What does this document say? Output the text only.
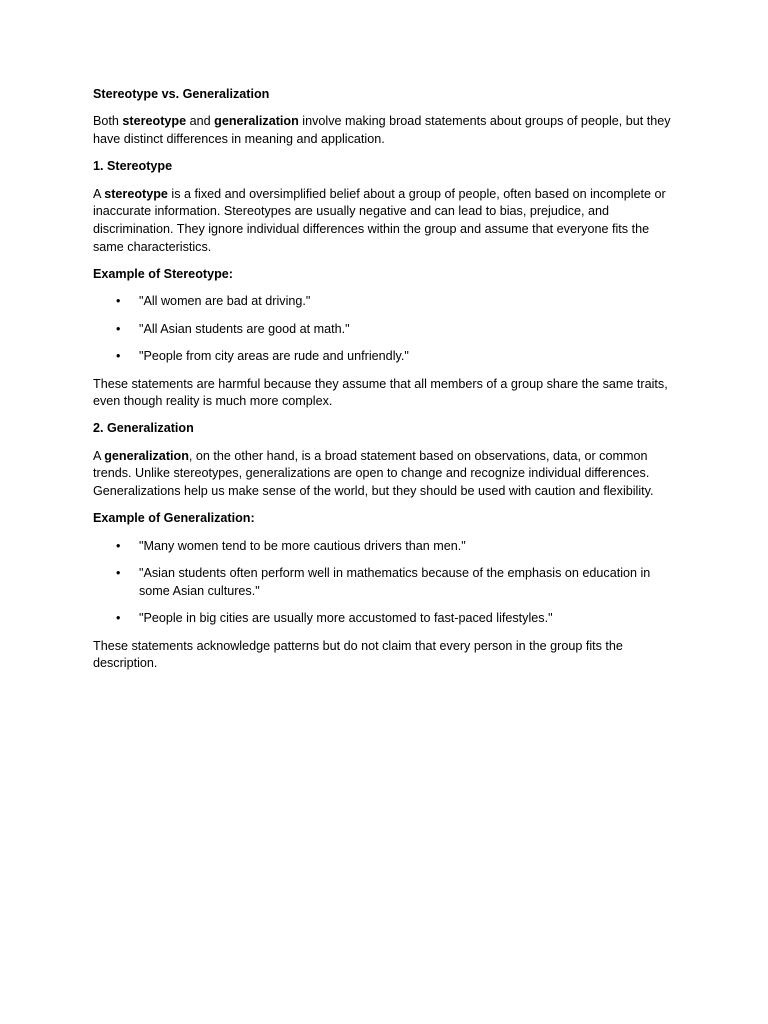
Stereotype vs. Generalization

Both stereotype and generalization involve making broad statements about groups of people, but they have distinct differences in meaning and application.

1. Stereotype

A stereotype is a fixed and oversimplified belief about a group of people, often based on incomplete or inaccurate information. Stereotypes are usually negative and can lead to bias, prejudice, and discrimination. They ignore individual differences within the group and assume that everyone fits the same characteristics.

Example of Stereotype:

• "All women are bad at driving."
• "All Asian students are good at math."
• "People from city areas are rude and unfriendly."

These statements are harmful because they assume that all members of a group share the same traits, even though reality is much more complex.

2. Generalization

A generalization, on the other hand, is a broad statement based on observations, data, or common trends. Unlike stereotypes, generalizations are open to change and recognize individual differences. Generalizations help us make sense of the world, but they should be used with caution and flexibility.

Example of Generalization:

• "Many women tend to be more cautious drivers than men."
• "Asian students often perform well in mathematics because of the emphasis on education in some Asian cultures."
• "People in big cities are usually more accustomed to fast-paced lifestyles."

These statements acknowledge patterns but do not claim that every person in the group fits the description.
